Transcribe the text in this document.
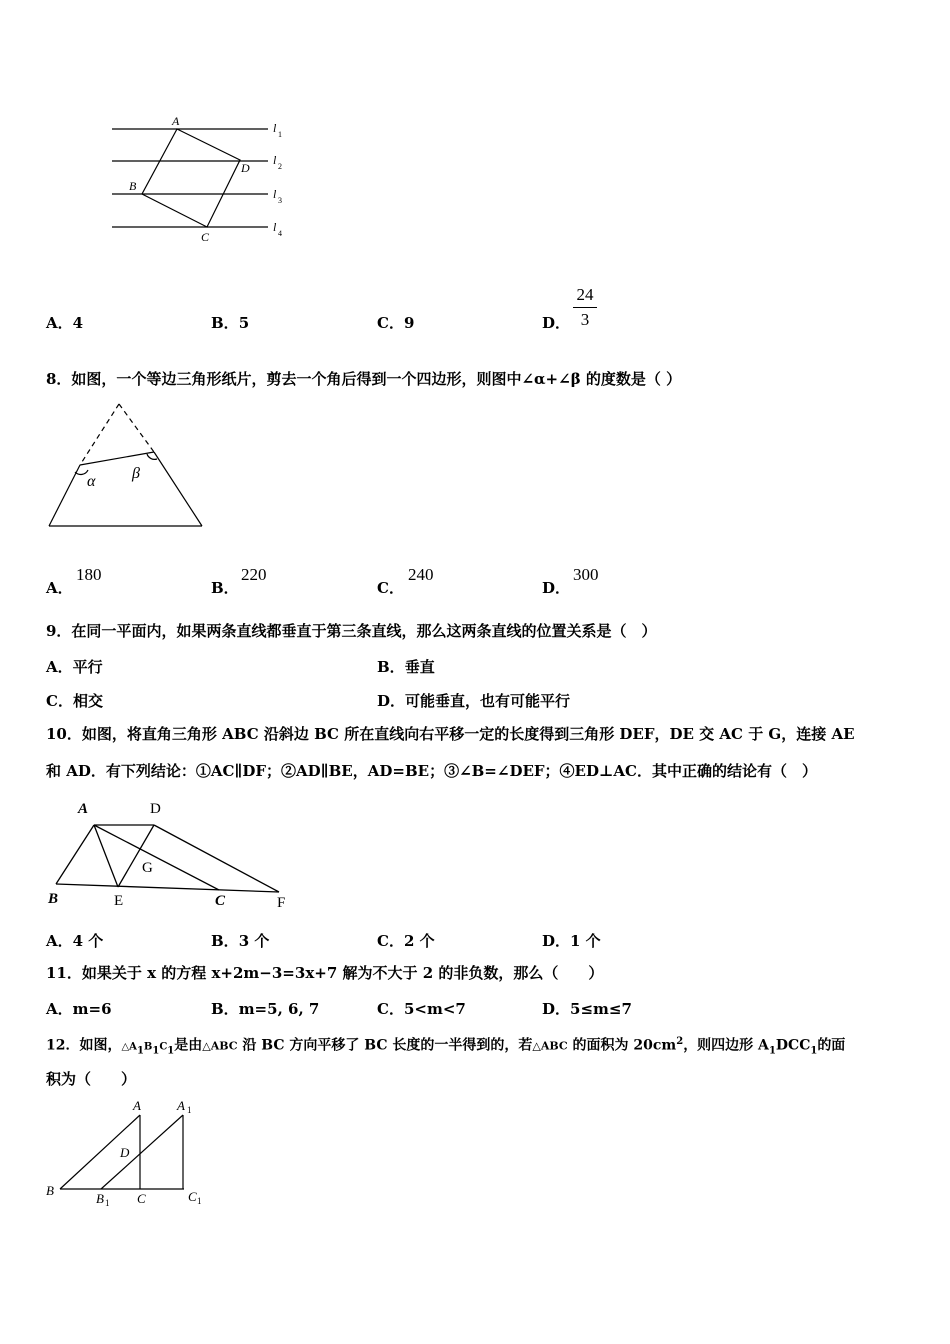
A
D
B
C
l 1
l 2
l 3
l 4
A．4	B．5	C．9	D．
24
3
8．如图，一个等边三角形纸片，剪去一个角后得到一个四边形，则图中∠α+∠β 的度数是（ ）
α β
A．
180
B．
220
C．
240
D．
300
9．在同一平面内，如果两条直线都垂直于第三条直线，那么这两条直线的位置关系是（　）
A．平行	B．垂直
C．相交	D．可能垂直，也有可能平行
10．如图，将直角三角形 ABC 沿斜边 BC 所在直线向右平移一定的长度得到三角形 DEF，DE 交 AC 于 G，连接 AE
和 AD．有下列结论：①AC∥DF；②AD∥BE，AD=BE；③∠B=∠DEF；④ED⊥AC．其中正确的结论有（　）
A	D
G
B	E	C	F
A．4 个	B．3 个	C．2 个	D．1 个
11．如果关于 x 的方程 x+2m−3=3x+7 解为不大于 2 的非负数，那么（　　）
A．m=6	B．m=5, 6, 7	C．5<m<7	D．5≤m≤7
12．如图，$\triangle A_1B_1C_1$是由△ABC 沿 BC 方向平移了 BC 长度的一半得到的，若△ABC 的面积为 $20cm^2$，则四边形 $A_1DCC_1$的面
积为（　　）
A	A 1
D
B
B 1 C	C 1
